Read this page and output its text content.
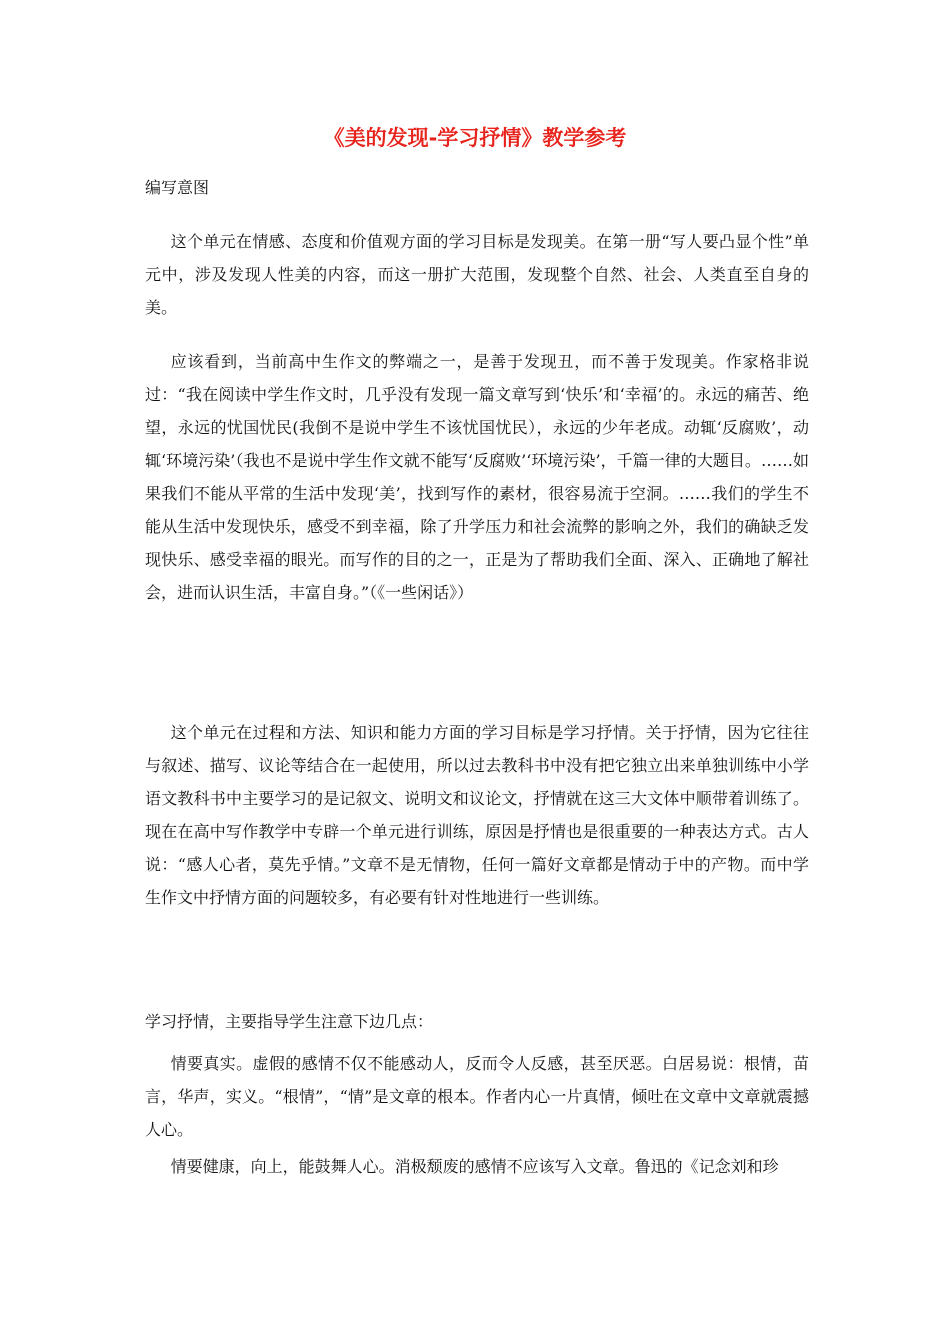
《美的发现-学习抒情》教学参考
编写意图

这个单元在情感、态度和价值观方面的学习目标是发现美。在第一册“写人要凸显个性”单元中，涉及发现人性美的内容，而这一册扩大范围，发现整个自然、社会、人类直至自身的美。

应该看到，当前高中生作文的弊端之一，是善于发现丑，而不善于发现美。作家格非说过：“我在阅读中学生作文时，几乎没有发现一篇文章写到‘快乐’和‘幸福’的。永远的痛苦、绝望，永远的忧国忧民(我倒不是说中学生不该忧国忧民），永远的少年老成。动辄‘反腐败’，动辄‘环境污染’（我也不是说中学生作文就不能写‘反腐败’‘环境污染’，千篇一律的大题目。……如果我们不能从平常的生活中发现‘美’，找到写作的素材，很容易流于空洞。……我们的学生不能从生活中发现快乐，感受不到幸福，除了升学压力和社会流弊的影响之外，我们的确缺乏发现快乐、感受幸福的眼光。而写作的目的之一，正是为了帮助我们全面、深入、正确地了解社会，进而认识生活，丰富自身。”（《一些闲话》）

这个单元在过程和方法、知识和能力方面的学习目标是学习抒情。关于抒情，因为它往往与叙述、描写、议论等结合在一起使用，所以过去教科书中没有把它独立出来单独训练中小学语文教科书中主要学习的是记叙文、说明文和议论文，抒情就在这三大文体中顺带着训练了。现在在高中写作教学中专辟一个单元进行训练，原因是抒情也是很重要的一种表达方式。古人说：“感人心者，莫先乎情。”文章不是无情物，任何一篇好文章都是情动于中的产物。而中学生作文中抒情方面的问题较多，有必要有针对性地进行一些训练。

学习抒情，主要指导学生注意下边几点：

情要真实。虚假的感情不仅不能感动人，反而令人反感，甚至厌恶。白居易说：根情，苗言，华声，实义。“根情”，“情”是文章的根本。作者内心一片真情，倾吐在文章中文章就震撼人心。

情要健康，向上，能鼓舞人心。消极颓废的感情不应该写入文章。鲁迅的《记念刘和珍
